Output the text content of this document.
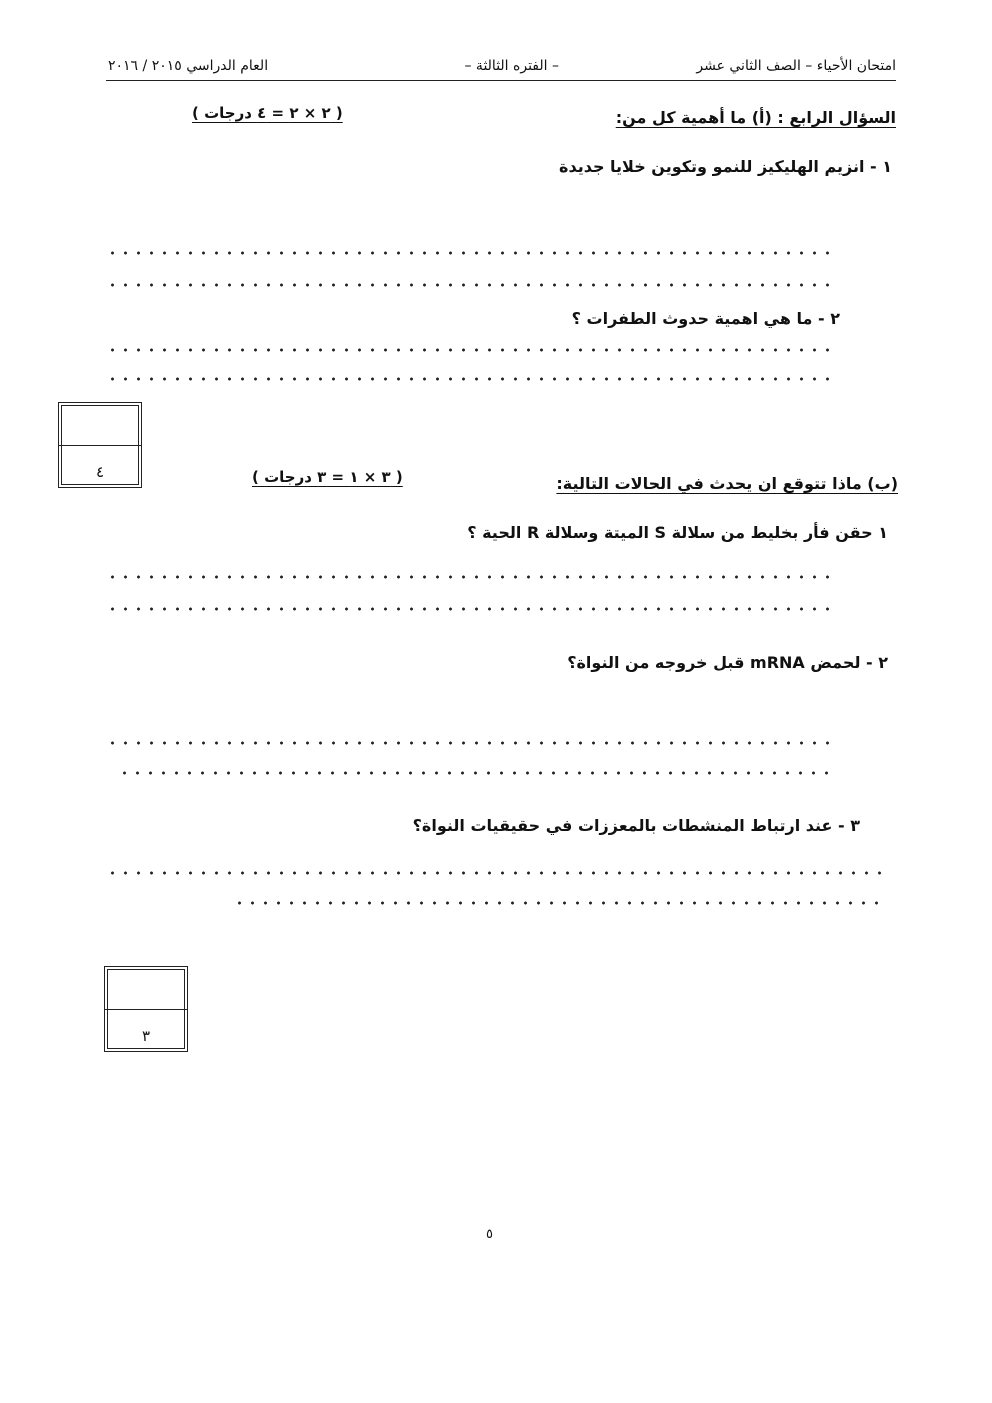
امتحان الأحياء – الصف الثاني عشر
– الفتره الثالثة –
العام الدراسي ٢٠١٥ / ٢٠١٦
السؤال الرابع : (أ) ما أهمية كل من:
( ٢ × ٢ = ٤ درجات )
١ - انزيم الهليكيز للنمو وتكوين خلايا جديدة
٢ - ما هي اهمية حدوث الطفرات ؟
٤
(ب) ماذا تتوقع ان يحدث في الحالات التالية:
( ٣ × ١ = ٣ درجات )
١ حقن فأر بخليط من سلالة S الميتة وسلالة R الحية ؟
٢ - لحمض mRNA قبل خروجه من النواة؟
٣ - عند ارتباط المنشطات بالمعززات في حقيقيات النواة؟
٣
٥
